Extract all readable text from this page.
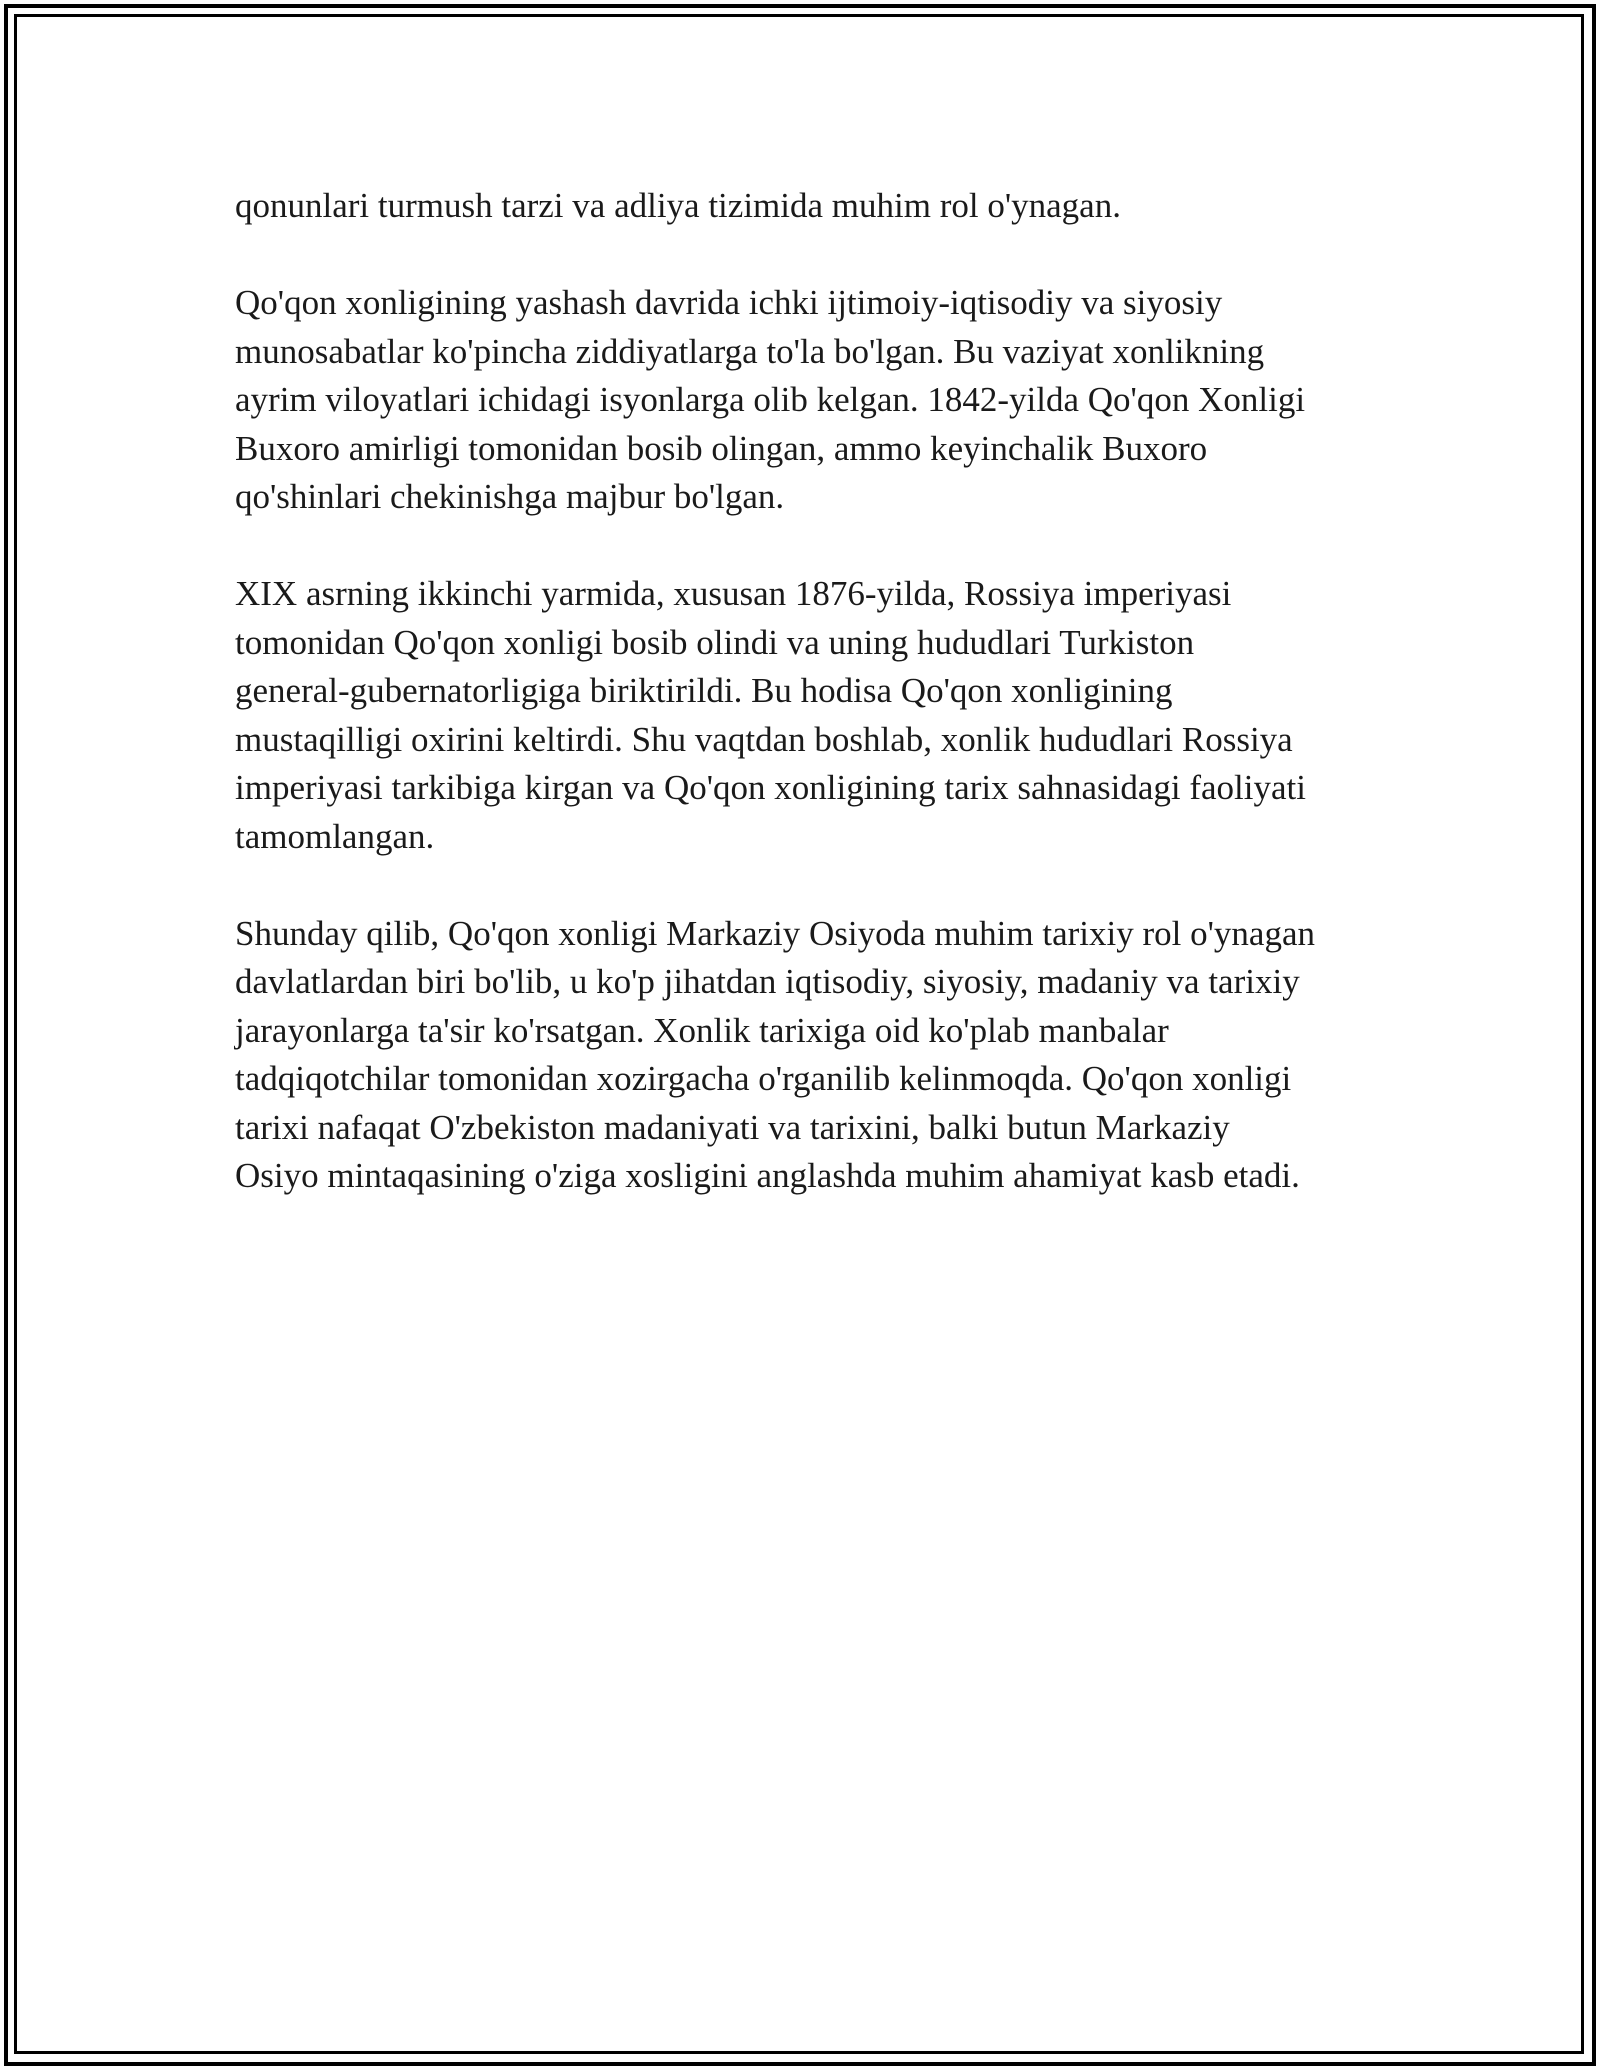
qonunlari turmush tarzi va adliya tizimida muhim rol o'ynagan.

Qo'qon xonligining yashash davrida ichki ijtimoiy-iqtisodiy va siyosiy
munosabatlar ko'pincha ziddiyatlarga to'la bo'lgan. Bu vaziyat xonlikning
ayrim viloyatlari ichidagi isyonlarga olib kelgan. 1842-yilda Qo'qon Xonligi
Buxoro amirligi tomonidan bosib olingan, ammo keyinchalik Buxoro
qo'shinlari chekinishga majbur bo'lgan.

XIX asrning ikkinchi yarmida, xususan 1876-yilda, Rossiya imperiyasi
tomonidan Qo'qon xonligi bosib olindi va uning hududlari Turkiston
general-gubernatorligiga biriktirildi. Bu hodisa Qo'qon xonligining
mustaqilligi oxirini keltirdi. Shu vaqtdan boshlab, xonlik hududlari Rossiya
imperiyasi tarkibiga kirgan va Qo'qon xonligining tarix sahnasidagi faoliyati
tamomlangan.

Shunday qilib, Qo'qon xonligi Markaziy Osiyoda muhim tarixiy rol o'ynagan
davlatlardan biri bo'lib, u ko'p jihatdan iqtisodiy, siyosiy, madaniy va tarixiy
jarayonlarga ta'sir ko'rsatgan. Xonlik tarixiga oid ko'plab manbalar
tadqiqotchilar tomonidan xozirgacha o'rganilib kelinmoqda. Qo'qon xonligi
tarixi nafaqat O'zbekiston madaniyati va tarixini, balki butun Markaziy
Osiyo mintaqasining o'ziga xosligini anglashda muhim ahamiyat kasb etadi.
